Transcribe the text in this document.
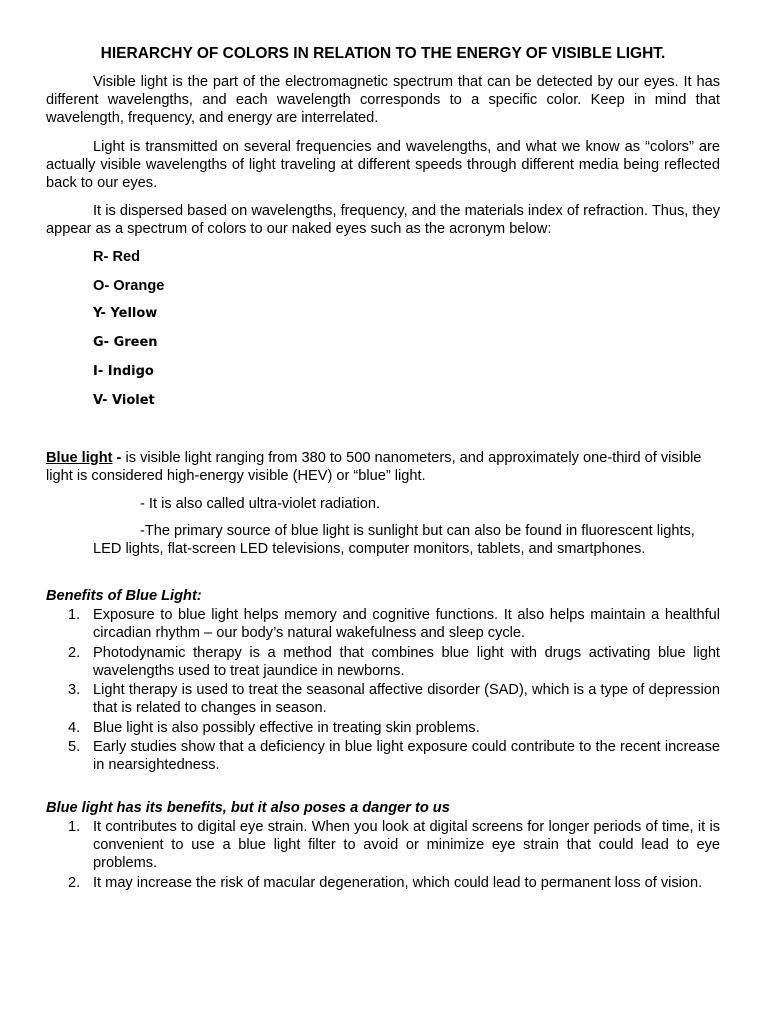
HIERARCHY OF COLORS IN RELATION TO THE ENERGY OF VISIBLE LIGHT.

Visible light is the part of the electromagnetic spectrum that can be detected by our eyes. It has different wavelengths, and each wavelength corresponds to a specific color. Keep in mind that wavelength, frequency, and energy are interrelated.

Light is transmitted on several frequencies and wavelengths, and what we know as “colors” are actually visible wavelengths of light traveling at different speeds through different media being reflected back to our eyes.

It is dispersed based on wavelengths, frequency, and the materials index of refraction. Thus, they appear as a spectrum of colors to our naked eyes such as the acronym below:

R- Red
O- Orange
Y- Yellow
G- Green
I- Indigo
V- Violet

Blue light - is visible light ranging from 380 to 500 nanometers, and approximately one-third of visible light is considered high-energy visible (HEV) or “blue” light.

- It is also called ultra-violet radiation.

-The primary source of blue light is sunlight but can also be found in fluorescent lights, LED lights, flat-screen LED televisions, computer monitors, tablets, and smartphones.

Benefits of Blue Light:
1. Exposure to blue light helps memory and cognitive functions. It also helps maintain a healthful circadian rhythm – our body’s natural wakefulness and sleep cycle.
2. Photodynamic therapy is a method that combines blue light with drugs activating blue light wavelengths used to treat jaundice in newborns.
3. Light therapy is used to treat the seasonal affective disorder (SAD), which is a type of depression that is related to changes in season.
4. Blue light is also possibly effective in treating skin problems.
5. Early studies show that a deficiency in blue light exposure could contribute to the recent increase in nearsightedness.
Blue light has its benefits, but it also poses a danger to us
1. It contributes to digital eye strain. When you look at digital screens for longer periods of time, it is convenient to use a blue light filter to avoid or minimize eye strain that could lead to eye problems.
2. It may increase the risk of macular degeneration, which could lead to permanent loss of vision.
